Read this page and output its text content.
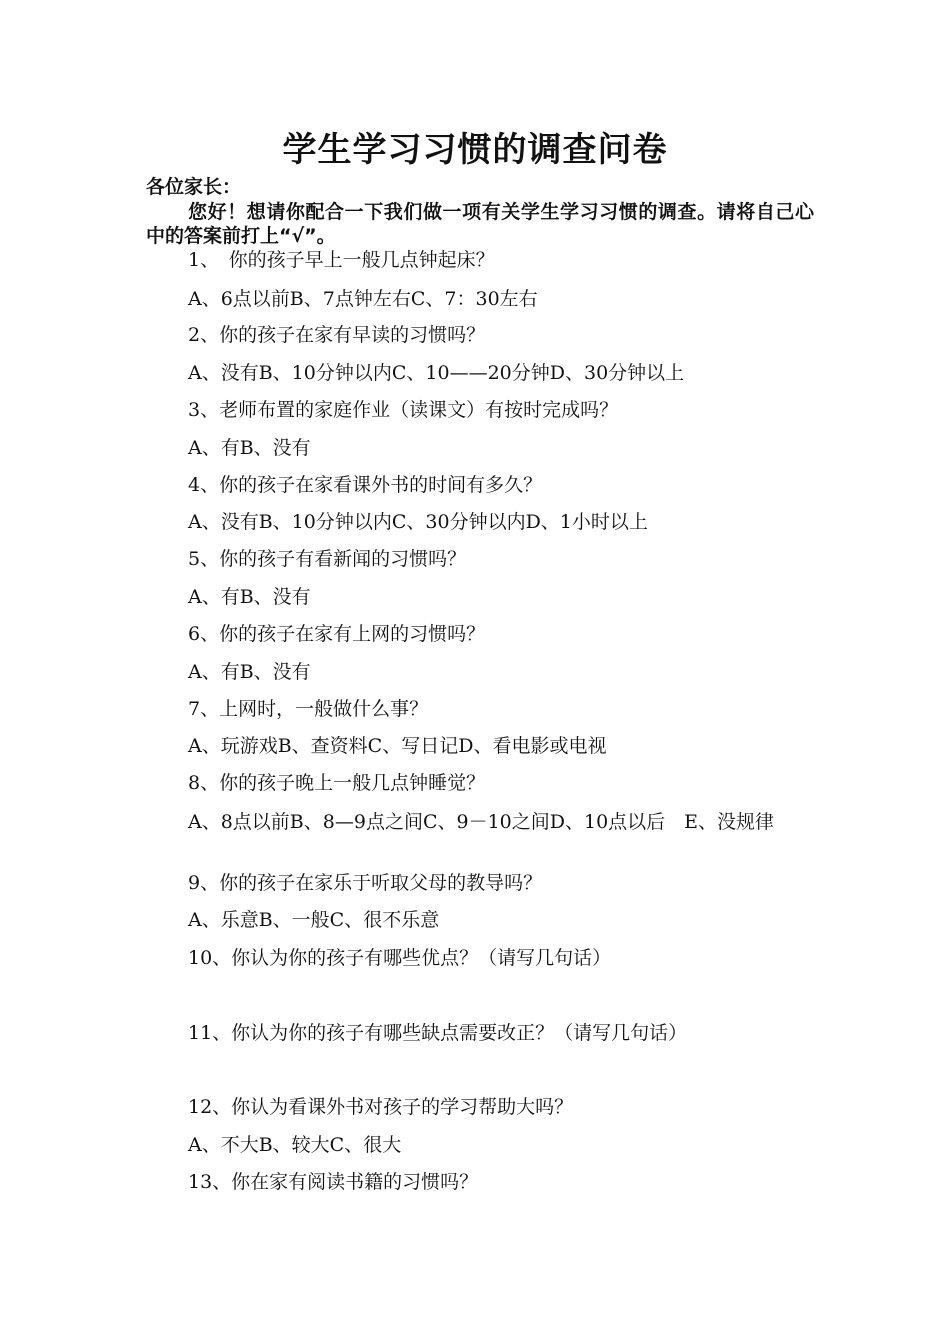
学生学习习惯的调查问卷
各位家长：
您好！想请你配合一下我们做一项有关学生学习习惯的调查。请将自己心中的答案前打上“√”。
1、　你的孩子早上一般几点钟起床？
A、6点以前B、7点钟左右C、7：30左右
2、你的孩子在家有早读的习惯吗？
A、没有B、10分钟以内C、10——20分钟D、30分钟以上
3、老师布置的家庭作业（读课文）有按时完成吗？
A、有B、没有
4、你的孩子在家看课外书的时间有多久？
A、没有B、10分钟以内C、30分钟以内D、1小时以上
5、你的孩子有看新闻的习惯吗？
A、有B、没有
6、你的孩子在家有上网的习惯吗？
A、有B、没有
7、上网时，一般做什么事？
A、玩游戏B、查资料C、写日记D、看电影或电视
8、你的孩子晚上一般几点钟睡觉？
A、8点以前B、8—9点之间C、9－10之间D、10点以后　E、没规律
9、你的孩子在家乐于听取父母的教导吗？
A、乐意B、一般C、很不乐意
10、你认为你的孩子有哪些优点？（请写几句话）
11、你认为你的孩子有哪些缺点需要改正？（请写几句话）
12、你认为看课外书对孩子的学习帮助大吗？
A、不大B、较大C、很大
13、你在家有阅读书籍的习惯吗？
